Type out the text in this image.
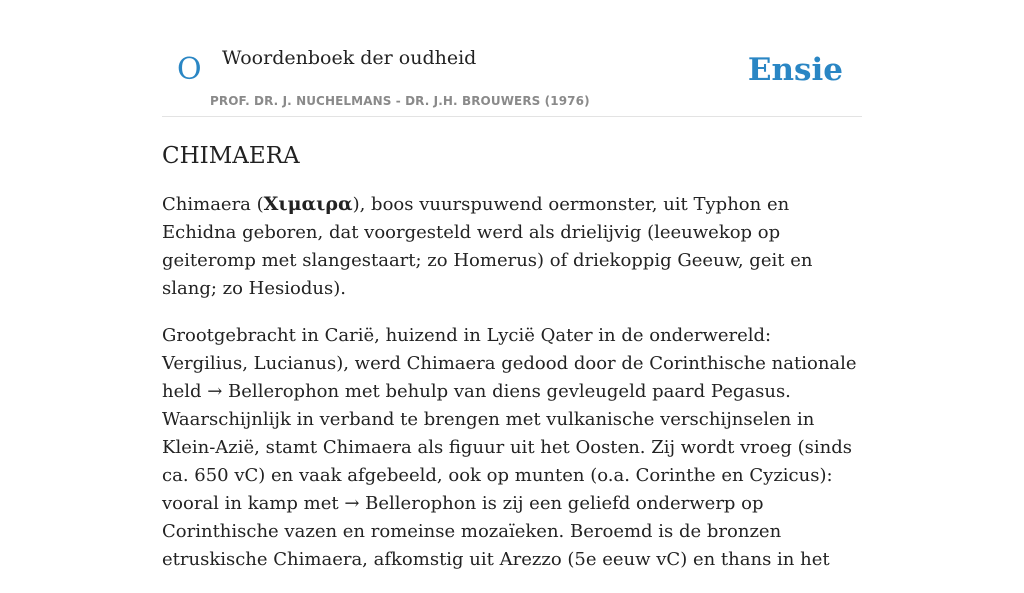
O Woordenboek der oudheid
PROF. DR. J. NUCHELMANS - DR. J.H. BROUWERS (1976)
Ensie
CHIMAERA

Chimaera (Χιμαιρα), boos vuurspuwend oermonster, uit Typhon en Echidna geboren, dat voorgesteld werd als drielijvig (leeuwekop op geiteromp met slangestaart; zo Homerus) of driekoppig Geeuw, geit en slang; zo Hesiodus).

Grootgebracht in Carië, huizend in Lycië Qater in de onderwereld: Vergilius, Lucianus), werd Chimaera gedood door de Corinthische nationale held → Bellerophon met behulp van diens gevleugeld paard Pegasus. Waarschijnlijk in verband te brengen met vulkanische verschijnselen in Klein-Azië, stamt Chimaera als figuur uit het Oosten. Zij wordt vroeg (sinds ca. 650 vC) en vaak afgebeeld, ook op munten (o.a. Corinthe en Cyzicus): vooral in kamp met → Bellerophon is zij een geliefd onderwerp op Corinthische vazen en romeinse mozaïeken. Beroemd is de bronzen etruskische Chimaera, afkomstig uit Arezzo (5e eeuw vC) en thans in het
